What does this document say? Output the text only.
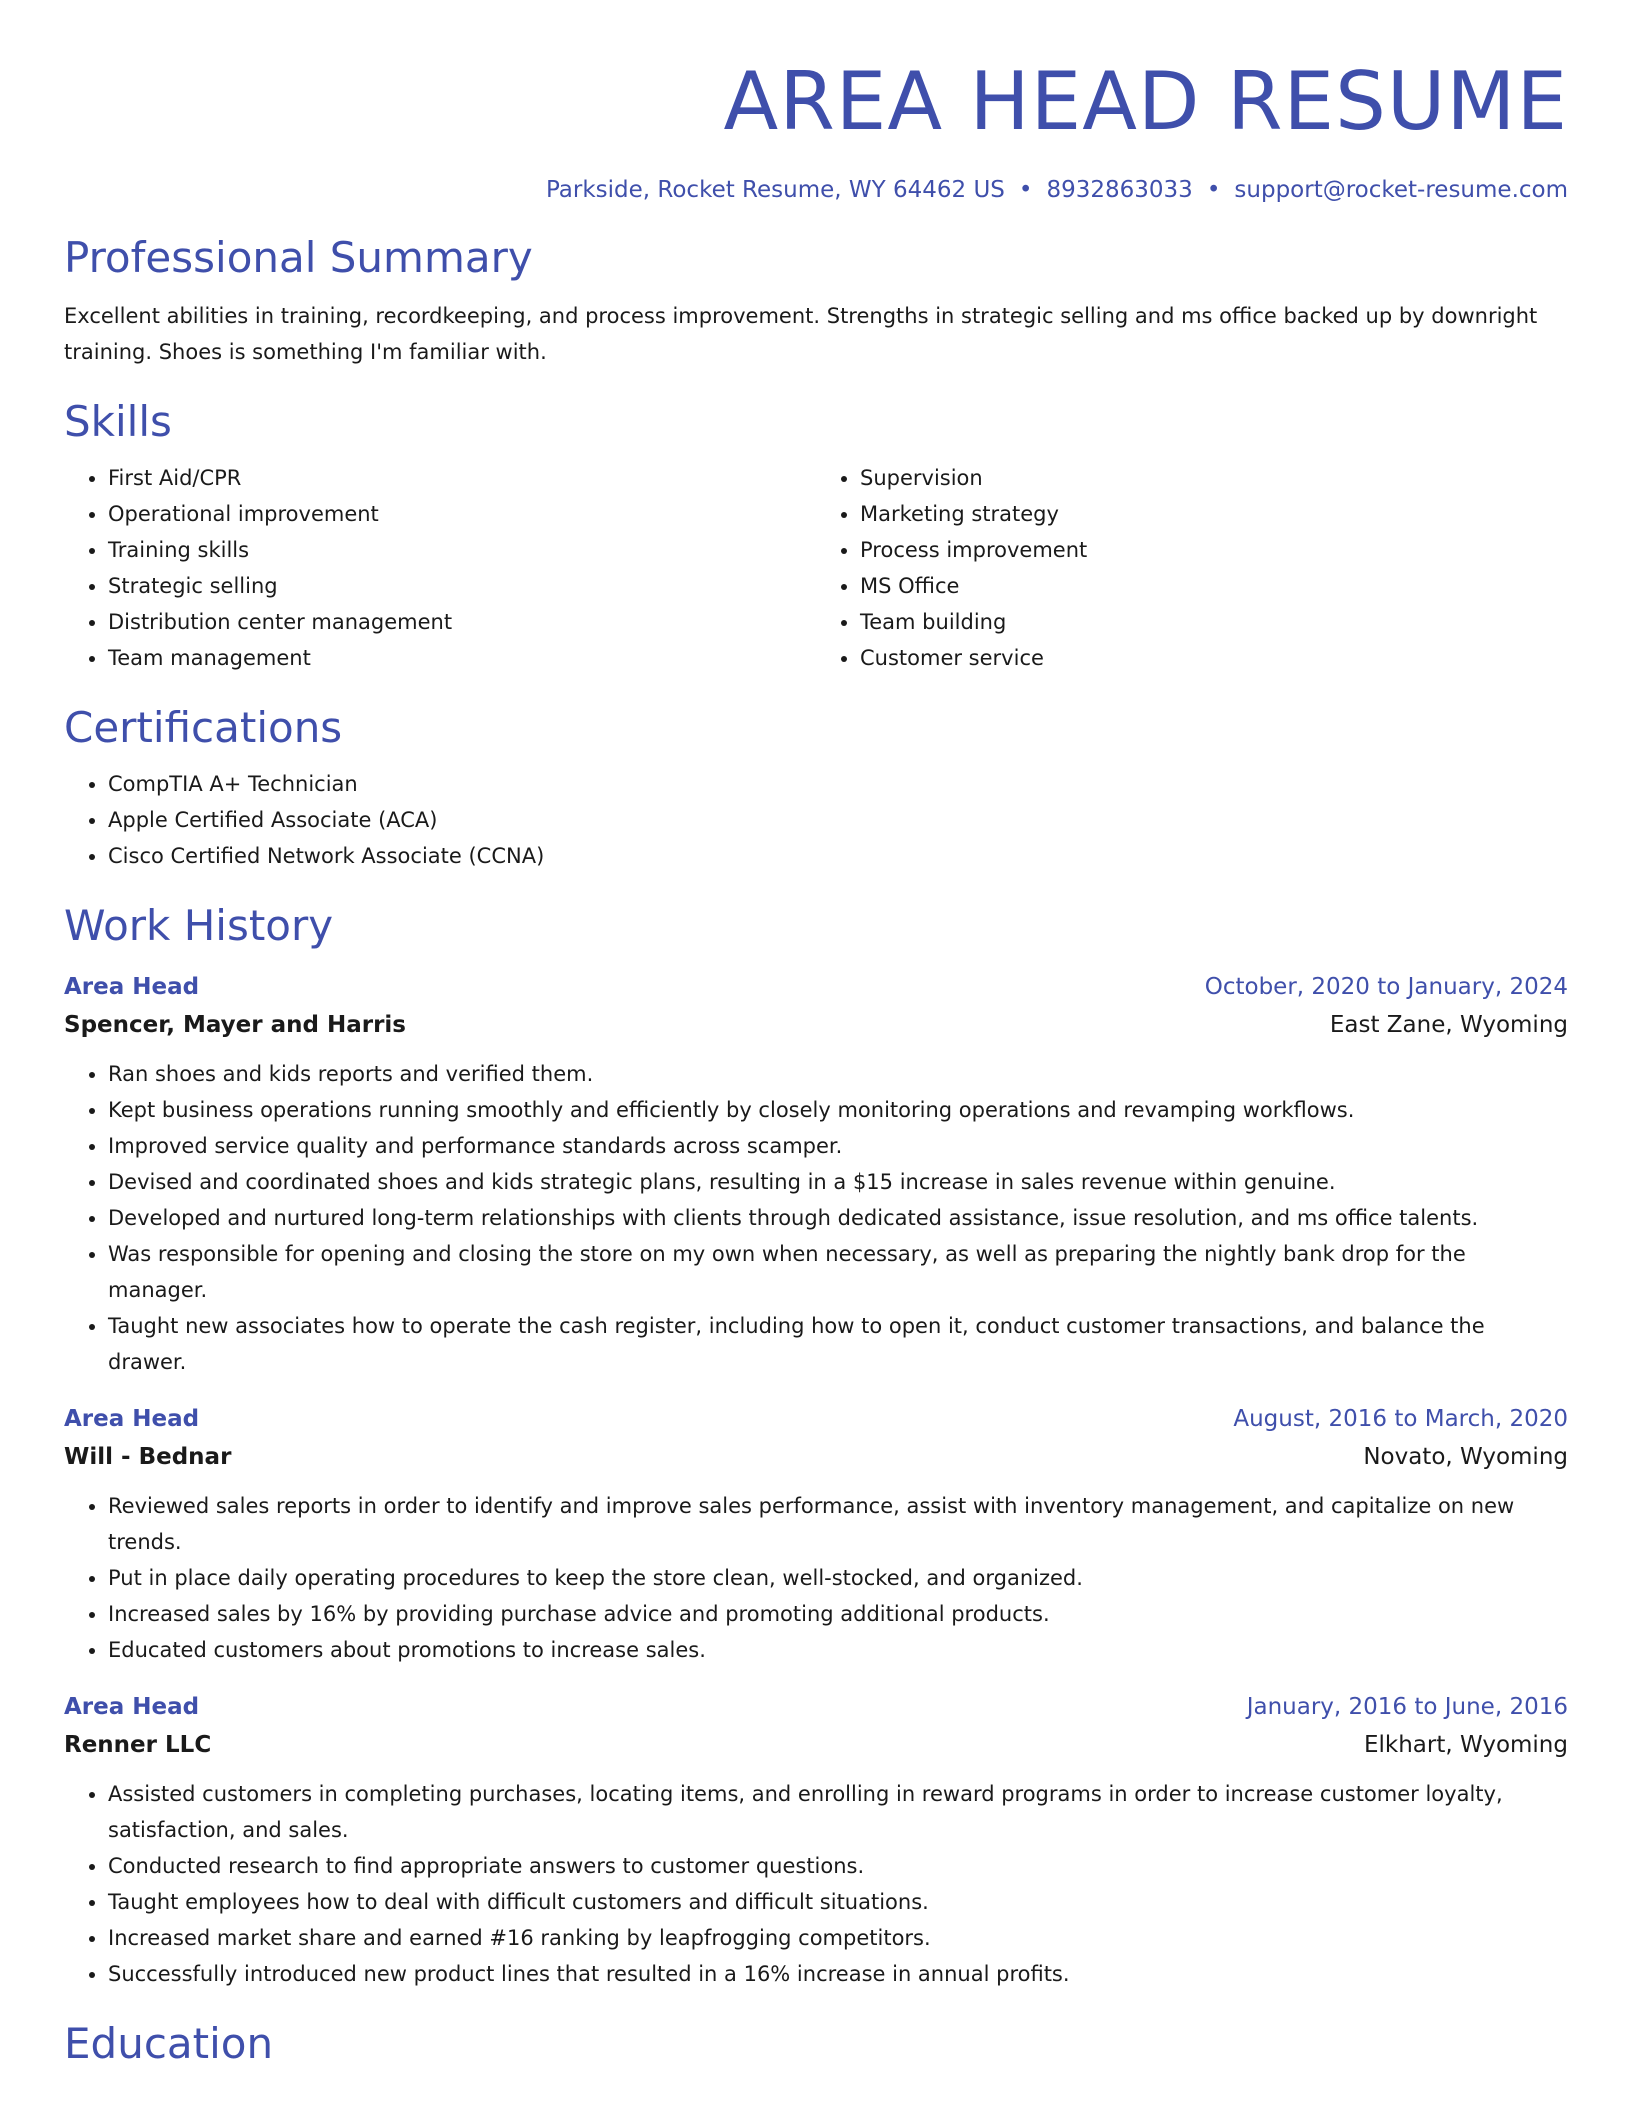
AREA HEAD RESUME
Parkside, Rocket Resume, WY 64462 US • 8932863033 • support@rocket-resume.com
Professional Summary

Excellent abilities in training, recordkeeping, and process improvement. Strengths in strategic selling and ms office backed up by downright training. Shoes is something I'm familiar with.

Skills
• First Aid/CPR
• Operational improvement
• Training skills
• Strategic selling
• Distribution center management
• Team management
• Supervision
• Marketing strategy
• Process improvement
• MS Office
• Team building
• Customer service
Certifications
• CompTIA A+ Technician
• Apple Certified Associate (ACA)
• Cisco Certified Network Associate (CCNA)
Work History
Area Head	October, 2020 to January, 2024
Spencer, Mayer and Harris	East Zane, Wyoming
• Ran shoes and kids reports and verified them.
• Kept business operations running smoothly and efficiently by closely monitoring operations and revamping workflows.
• Improved service quality and performance standards across scamper.
• Devised and coordinated shoes and kids strategic plans, resulting in a $15 increase in sales revenue within genuine.
• Developed and nurtured long-term relationships with clients through dedicated assistance, issue resolution, and ms office talents.
• Was responsible for opening and closing the store on my own when necessary, as well as preparing the nightly bank drop for the manager.
• Taught new associates how to operate the cash register, including how to open it, conduct customer transactions, and balance the drawer.
Area Head	August, 2016 to March, 2020
Will - Bednar	Novato, Wyoming
• Reviewed sales reports in order to identify and improve sales performance, assist with inventory management, and capitalize on new trends.
• Put in place daily operating procedures to keep the store clean, well-stocked, and organized.
• Increased sales by 16% by providing purchase advice and promoting additional products.
• Educated customers about promotions to increase sales.
Area Head	January, 2016 to June, 2016
Renner LLC	Elkhart, Wyoming
• Assisted customers in completing purchases, locating items, and enrolling in reward programs in order to increase customer loyalty, satisfaction, and sales.
• Conducted research to find appropriate answers to customer questions.
• Taught employees how to deal with difficult customers and difficult situations.
• Increased market share and earned #16 ranking by leapfrogging competitors.
• Successfully introduced new product lines that resulted in a 16% increase in annual profits.
Education
